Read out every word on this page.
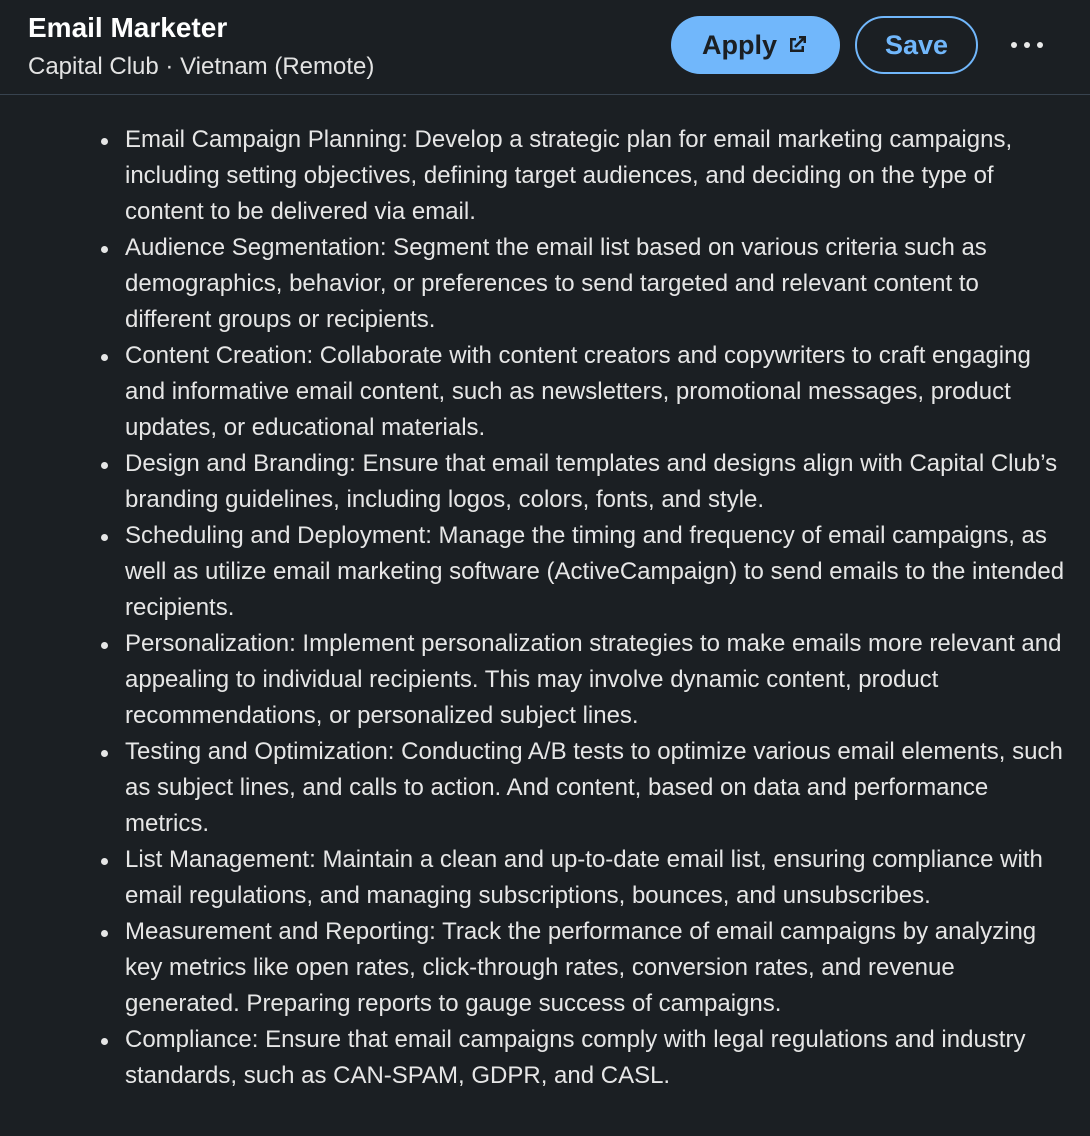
Email Marketer
Capital Club · Vietnam (Remote)
Apply	Save
Email Campaign Planning: Develop a strategic plan for email marketing campaigns, including setting objectives, defining target audiences, and deciding on the type of content to be delivered via email.
Audience Segmentation: Segment the email list based on various criteria such as demographics, behavior, or preferences to send targeted and relevant content to different groups or recipients.
Content Creation: Collaborate with content creators and copywriters to craft engaging and informative email content, such as newsletters, promotional messages, product updates, or educational materials.
Design and Branding: Ensure that email templates and designs align with Capital Club’s branding guidelines, including logos, colors, fonts, and style.
Scheduling and Deployment: Manage the timing and frequency of email campaigns, as well as utilize email marketing software (ActiveCampaign) to send emails to the intended recipients.
Personalization: Implement personalization strategies to make emails more relevant and appealing to individual recipients. This may involve dynamic content, product recommendations, or personalized subject lines.
Testing and Optimization: Conducting A/B tests to optimize various email elements, such as subject lines, and calls to action. And content, based on data and performance metrics.
List Management: Maintain a clean and up-to-date email list, ensuring compliance with email regulations, and managing subscriptions, bounces, and unsubscribes.
Measurement and Reporting: Track the performance of email campaigns by analyzing key metrics like open rates, click-through rates, conversion rates, and revenue generated. Preparing reports to gauge success of campaigns.
Compliance: Ensure that email campaigns comply with legal regulations and industry standards, such as CAN-SPAM, GDPR, and CASL.
